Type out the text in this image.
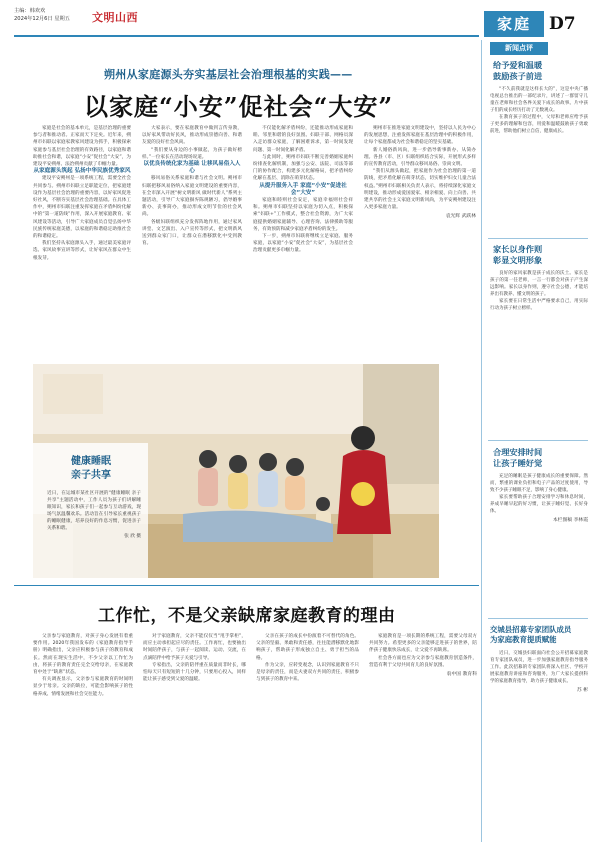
主编：韩欢欢
2024年12月6日 星期五	文明山西	家庭	D7
朔州从家庭源头夯实基层社会治理根基的实践——
以家庭“小安”促社会“大安”

家庭是社会的基本单元，是基层治理的重要参与者和推动者。正家而天下定矣。近年来，朔州市妇联以家庭家教家风建设为抓手，积极探索家庭参与基层社会治理的有效路径，以家庭和谐助推社会和谐，以家庭“小安”促社会“大安”，为建设平安朔州、法治朔州贡献了巾帼力量。

从家庭源头筑起 弘扬中华民族优秀家风

建设平安朔州是一项系统工程，需要全社会共同参与。朔州市妇联立足职能定位，把家庭建设作为基层社会治理的重要内容，以好家风促进好社风，不断夯实基层社会治理基础。在具体工作中，朔州市妇联注重发挥家庭在矛盾纠纷化解中的“第一道防线”作用，深入开展家庭教育、家风建设等活动，引导广大家庭成员自觉弘扬中华民族传统家庭美德，以家庭的和谐稳定助推社会的和谐稳定。

我们坚持从家庭源头入手，通过最美家庭评选、家风故事宣讲等形式，让好家风在群众中生根发芽。

大家表示，要在家庭教育中做到言传身教，以好家风带动好民风，推动形成崇德向善、和谐友爱的良好社会风尚。

“我们要从身边的小事做起，为孩子做好榜样。”一位家长在活动现场说道。

以优良传统化家为基础 让移风易俗入人心

移风易俗关系家庭和谐与社会文明。朔州市妇联把移风易俗纳入家庭文明建设的重要内容，在全市深入开展“树文明新风 做时代新人”系列主题活动，引导广大家庭摒弃陈规陋习，倡导婚事新办、丧事简办，推动形成文明节俭的社会风尚。

各级妇联组织充分发挥阵地作用，通过家风讲堂、文艺演出、入户宣传等形式，把文明新风送到群众家门口，让群众在潜移默化中受到教育。

不仅能化解矛盾纠纷，还能推动形成家庭和睦、邻里和谐的良好氛围。妇联干部、网格员深入走访群众家庭，了解困难诉求，第一时间发现问题、第一时间化解矛盾。

与此同时，朔州市妇联不断完善婚姻家庭纠纷排查化解机制，加强与公安、法院、司法等部门的协作配合，构建多元化解格局，把矛盾纠纷化解在基层、消除在萌芽状态。

从提升服务入手 家庭“小安”促进社会“大安”

家庭和睦则社会安定，家庭幸福则社会祥和。朔州市妇联坚持以家庭为切入点，积极探索“妇联+”工作模式，整合社会资源，为广大家庭提供婚姻家庭辅导、心理咨询、法律援助等服务，有效预防和减少家庭矛盾纠纷的发生。

下一步，朔州市妇联将继续立足家庭、服务家庭，以家庭“小安”促社会“大安”，为基层社会治理贡献更多巾帼力量。

朔州市在推进家庭文明建设中，坚持以人民为中心的发展思想，注重发挥家庭在基层治理中的积极作用，让每个家庭都成为社会和谐稳定的坚实基础。

新人婚俗新风尚，进一步倡导新事新办、从简办理。各县（市、区）妇联组织结合实际，开展形式多样的宣传教育活动，引导群众移风易俗、崇尚文明。

“我们从源头做起，把家庭作为社会治理的第一道防线，把矛盾化解在萌芽状态，切实维护妇女儿童合法权益。”朔州市妇联相关负责人表示，将持续深化家庭文明建设，推动形成爱国爱家、相亲相爱、向上向善、共建共享的社会主义家庭文明新风尚，为平安朔州建设注入更多家庭力量。

袁光辉 武跃林
健康睡眠
亲子共享
近日，在运城市某社区开展的“健康睡眠 亲子共享”主题活动中，工作人员为孩子们讲解睡眠知识，家长和孩子们一起参与互动游戏，现场气氛温馨欢乐。活动旨在引导家长重视孩子的睡眠健康，培养良好的作息习惯，促进亲子关系和谐。
张 欣 摄
工作忙，不是父亲缺席家庭教育的理由

父亲参与家庭教育，对孩子身心发展有着重要作用。2020年我国发布的《家庭教育指导手册》明确指出，父亲应积极参与孩子的教育和成长。然而在现实生活中，不少父亲以工作忙为由，将孩子的教育责任完全交给母亲，在家庭教育中处于“缺席”状态。

有关调查显示，父亲参与家庭教育的时间明显少于母亲。父亲的缺位，可能会影响孩子的性格养成、情绪发展和社会交往能力。

对于家庭教育，父亲不能仅仅当“甩手掌柜”，而应主动承担起应尽的责任。工作再忙，也要抽出时间陪伴孩子，与孩子一起阅读、运动、交流，在点滴陪伴中给予孩子关爱与引导。

专家指出，父亲的陪伴重在质量而非时长，哪怕每天只有短短的十几分钟，只要用心投入，同样能让孩子感受到父爱的温暖。

父亲在孩子的成长中扮演着不可替代的角色。父亲的坚毅、果敢和责任感，往往能潜移默化地影响孩子，帮助孩子形成独立自主、勇于担当的品格。

作为父亲，应转变观念，认识到家庭教育不只是母亲的责任，而是夫妻双方共同的责任，积极参与到孩子的教育中来。

家庭教育是一项长期的系统工程，需要父母双方共同努力。希望更多的父亲能够走进孩子的世界，陪伴孩子健康快乐成长，让父爱不再缺席。

社会各方面也应为父亲参与家庭教育创造条件，营造有利于父母共同育儿的良好氛围。

翁中国 教育科
新闻点评
给予爱和温暖
鼓励孩子前进

“不久前我就是这样长大的”，这是中央广播电视总台推出的一部纪录片，讲述了一群留守儿童在老师和社会各界关爱下成长的故事。片中孩子们的成长经历打动了无数观众。

在教育孩子的过程中，父母和老师应给予孩子更多的理解和包容，用爱和温暖鼓励孩子勇敢前进，帮助他们树立自信，健康成长。

家长以身作则
彰显文明形象

良好的家风家教是孩子成长的沃土。家长是孩子的第一任老师，一言一行都会对孩子产生深远影响。家长以身作则，遵守社会公德，才能培养出有教养、懂文明的孩子。

家长要在日常生活中严格要求自己，用实际行动为孩子树立榜样。

合理安排时间
让孩子睡好觉

充足的睡眠是孩子健康成长的重要保障。然而，繁重的课业负担和电子产品的过度使用，导致不少孩子睡眠不足，影响了身心健康。

家长要帮助孩子合理安排学习和休息时间，养成早睡早起的好习惯，让孩子睡好觉、长好身体。

本栏图稿 李林霞
交城县招募专家团队成员
为家庭教育提质赋能

近日，交城县妇联面向社会公开招募家庭教育专家团队成员，进一步加强家庭教育指导服务工作。此次招募的专家团队将深入社区、学校开展家庭教育讲座和咨询服务，为广大家长提供科学的家庭教育指导，助力孩子健康成长。

苏 彬
